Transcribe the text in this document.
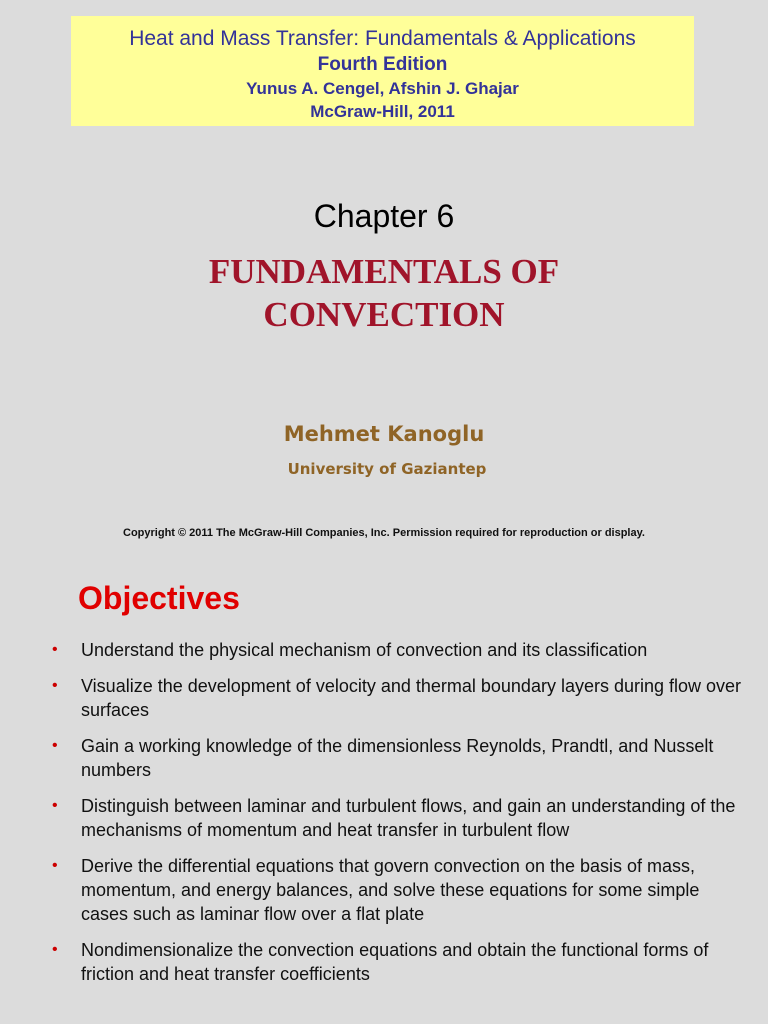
Heat and Mass Transfer: Fundamentals & Applications
Fourth Edition
Yunus A. Cengel, Afshin J. Ghajar
McGraw-Hill, 2011
Chapter 6
FUNDAMENTALS OF
CONVECTION
Mehmet Kanoglu
University of Gaziantep
Copyright © 2011 The McGraw-Hill Companies, Inc. Permission required for reproduction or display.
Objectives
• Understand the physical mechanism of convection and its classification
• Visualize the development of velocity and thermal boundary layers during flow over surfaces
• Gain a working knowledge of the dimensionless Reynolds, Prandtl, and Nusselt numbers
• Distinguish between laminar and turbulent flows, and gain an understanding of the mechanisms of momentum and heat transfer in turbulent flow
• Derive the differential equations that govern convection on the basis of mass, momentum, and energy balances, and solve these equations for some simple cases such as laminar flow over a flat plate
• Nondimensionalize the convection equations and obtain the functional forms of friction and heat transfer coefficients
